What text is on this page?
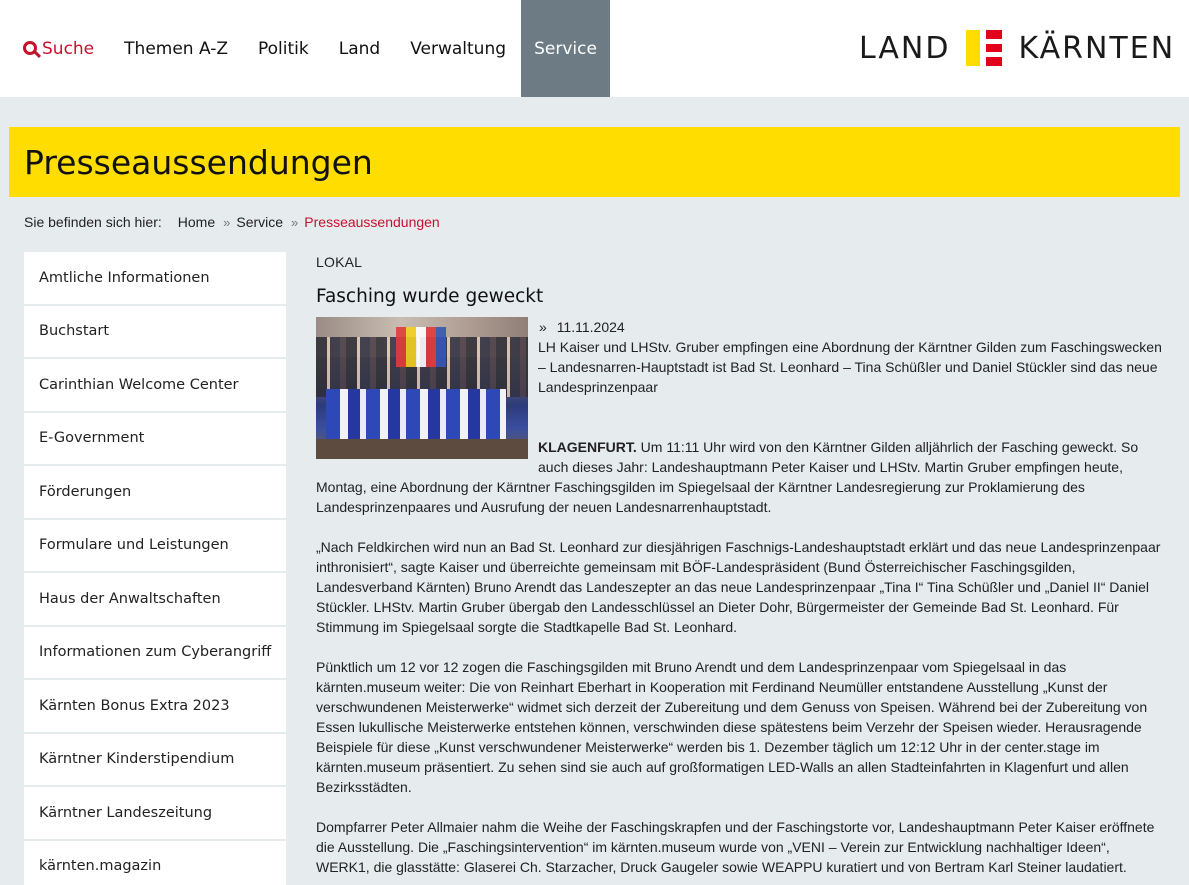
Suche	Themen A-Z	Politik	Land	Verwaltung	Service	LAND KÄRNTEN
Presseaussendungen
Sie befinden sich hier: Home » Service » Presseaussendungen
Amtliche Informationen
Buchstart
Carinthian Welcome Center
E-Government
Förderungen
Formulare und Leistungen
Haus der Anwaltschaften
Informationen zum Cyberangriff
Kärnten Bonus Extra 2023
Kärntner Kinderstipendium
Kärntner Landeszeitung
kärnten.magazin
LOKAL
Fasching wurde geweckt
» 11.11.2024
LH Kaiser und LHStv. Gruber empfingen eine Abordnung der Kärntner Gilden zum Faschingswecken – Landesnarren-Hauptstadt ist Bad St. Leonhard – Tina Schüßler und Daniel Stückler sind das neue Landesprinzenpaar
KLAGENFURT. Um 11:11 Uhr wird von den Kärntner Gilden alljährlich der Fasching geweckt. So auch dieses Jahr: Landeshauptmann Peter Kaiser und LHStv. Martin Gruber empfingen heute, Montag, eine Abordnung der Kärntner Faschingsgilden im Spiegelsaal der Kärntner Landesregierung zur Proklamierung des Landesprinzenpaares und Ausrufung der neuen Landesnarrenhauptstadt.
„Nach Feldkirchen wird nun an Bad St. Leonhard zur diesjährigen Faschnigs-Landeshauptstadt erklärt und das neue Landesprinzenpaar inthronisiert“, sagte Kaiser und überreichte gemeinsam mit BÖF-Landespräsident (Bund Österreichischer Faschingsgilden, Landesverband Kärnten) Bruno Arendt das Landeszepter an das neue Landesprinzenpaar „Tina I“ Tina Schüßler und „Daniel II“ Daniel Stückler. LHStv. Martin Gruber übergab den Landesschlüssel an Dieter Dohr, Bürgermeister der Gemeinde Bad St. Leonhard. Für Stimmung im Spiegelsaal sorgte die Stadtkapelle Bad St. Leonhard.
Pünktlich um 12 vor 12 zogen die Faschingsgilden mit Bruno Arendt und dem Landesprinzenpaar vom Spiegelsaal in das kärnten.museum weiter: Die von Reinhart Eberhart in Kooperation mit Ferdinand Neumüller entstandene Ausstellung „Kunst der verschwundenen Meisterwerke“ widmet sich derzeit der Zubereitung und dem Genuss von Speisen. Während bei der Zubereitung von Essen lukullische Meisterwerke entstehen können, verschwinden diese spätestens beim Verzehr der Speisen wieder. Herausragende Beispiele für diese „Kunst verschwundener Meisterwerke“ werden bis 1. Dezember täglich um 12:12 Uhr in der center.stage im kärnten.museum präsentiert. Zu sehen sind sie auch auf großformatigen LED-Walls an allen Stadteinfahrten in Klagenfurt und allen Bezirksstädten.
Dompfarrer Peter Allmaier nahm die Weihe der Faschingskrapfen und der Faschingstorte vor, Landeshauptmann Peter Kaiser eröffnete die Ausstellung. Die „Faschingsintervention“ im kärnten.museum wurde von „VENI – Verein zur Entwicklung nachhaltiger Ideen“, WERK1, die glasstätte: Glaserei Ch. Starzacher, Druck Gaugeler sowie WEAPPU kuratiert und von Bertram Karl Steiner laudatiert.
